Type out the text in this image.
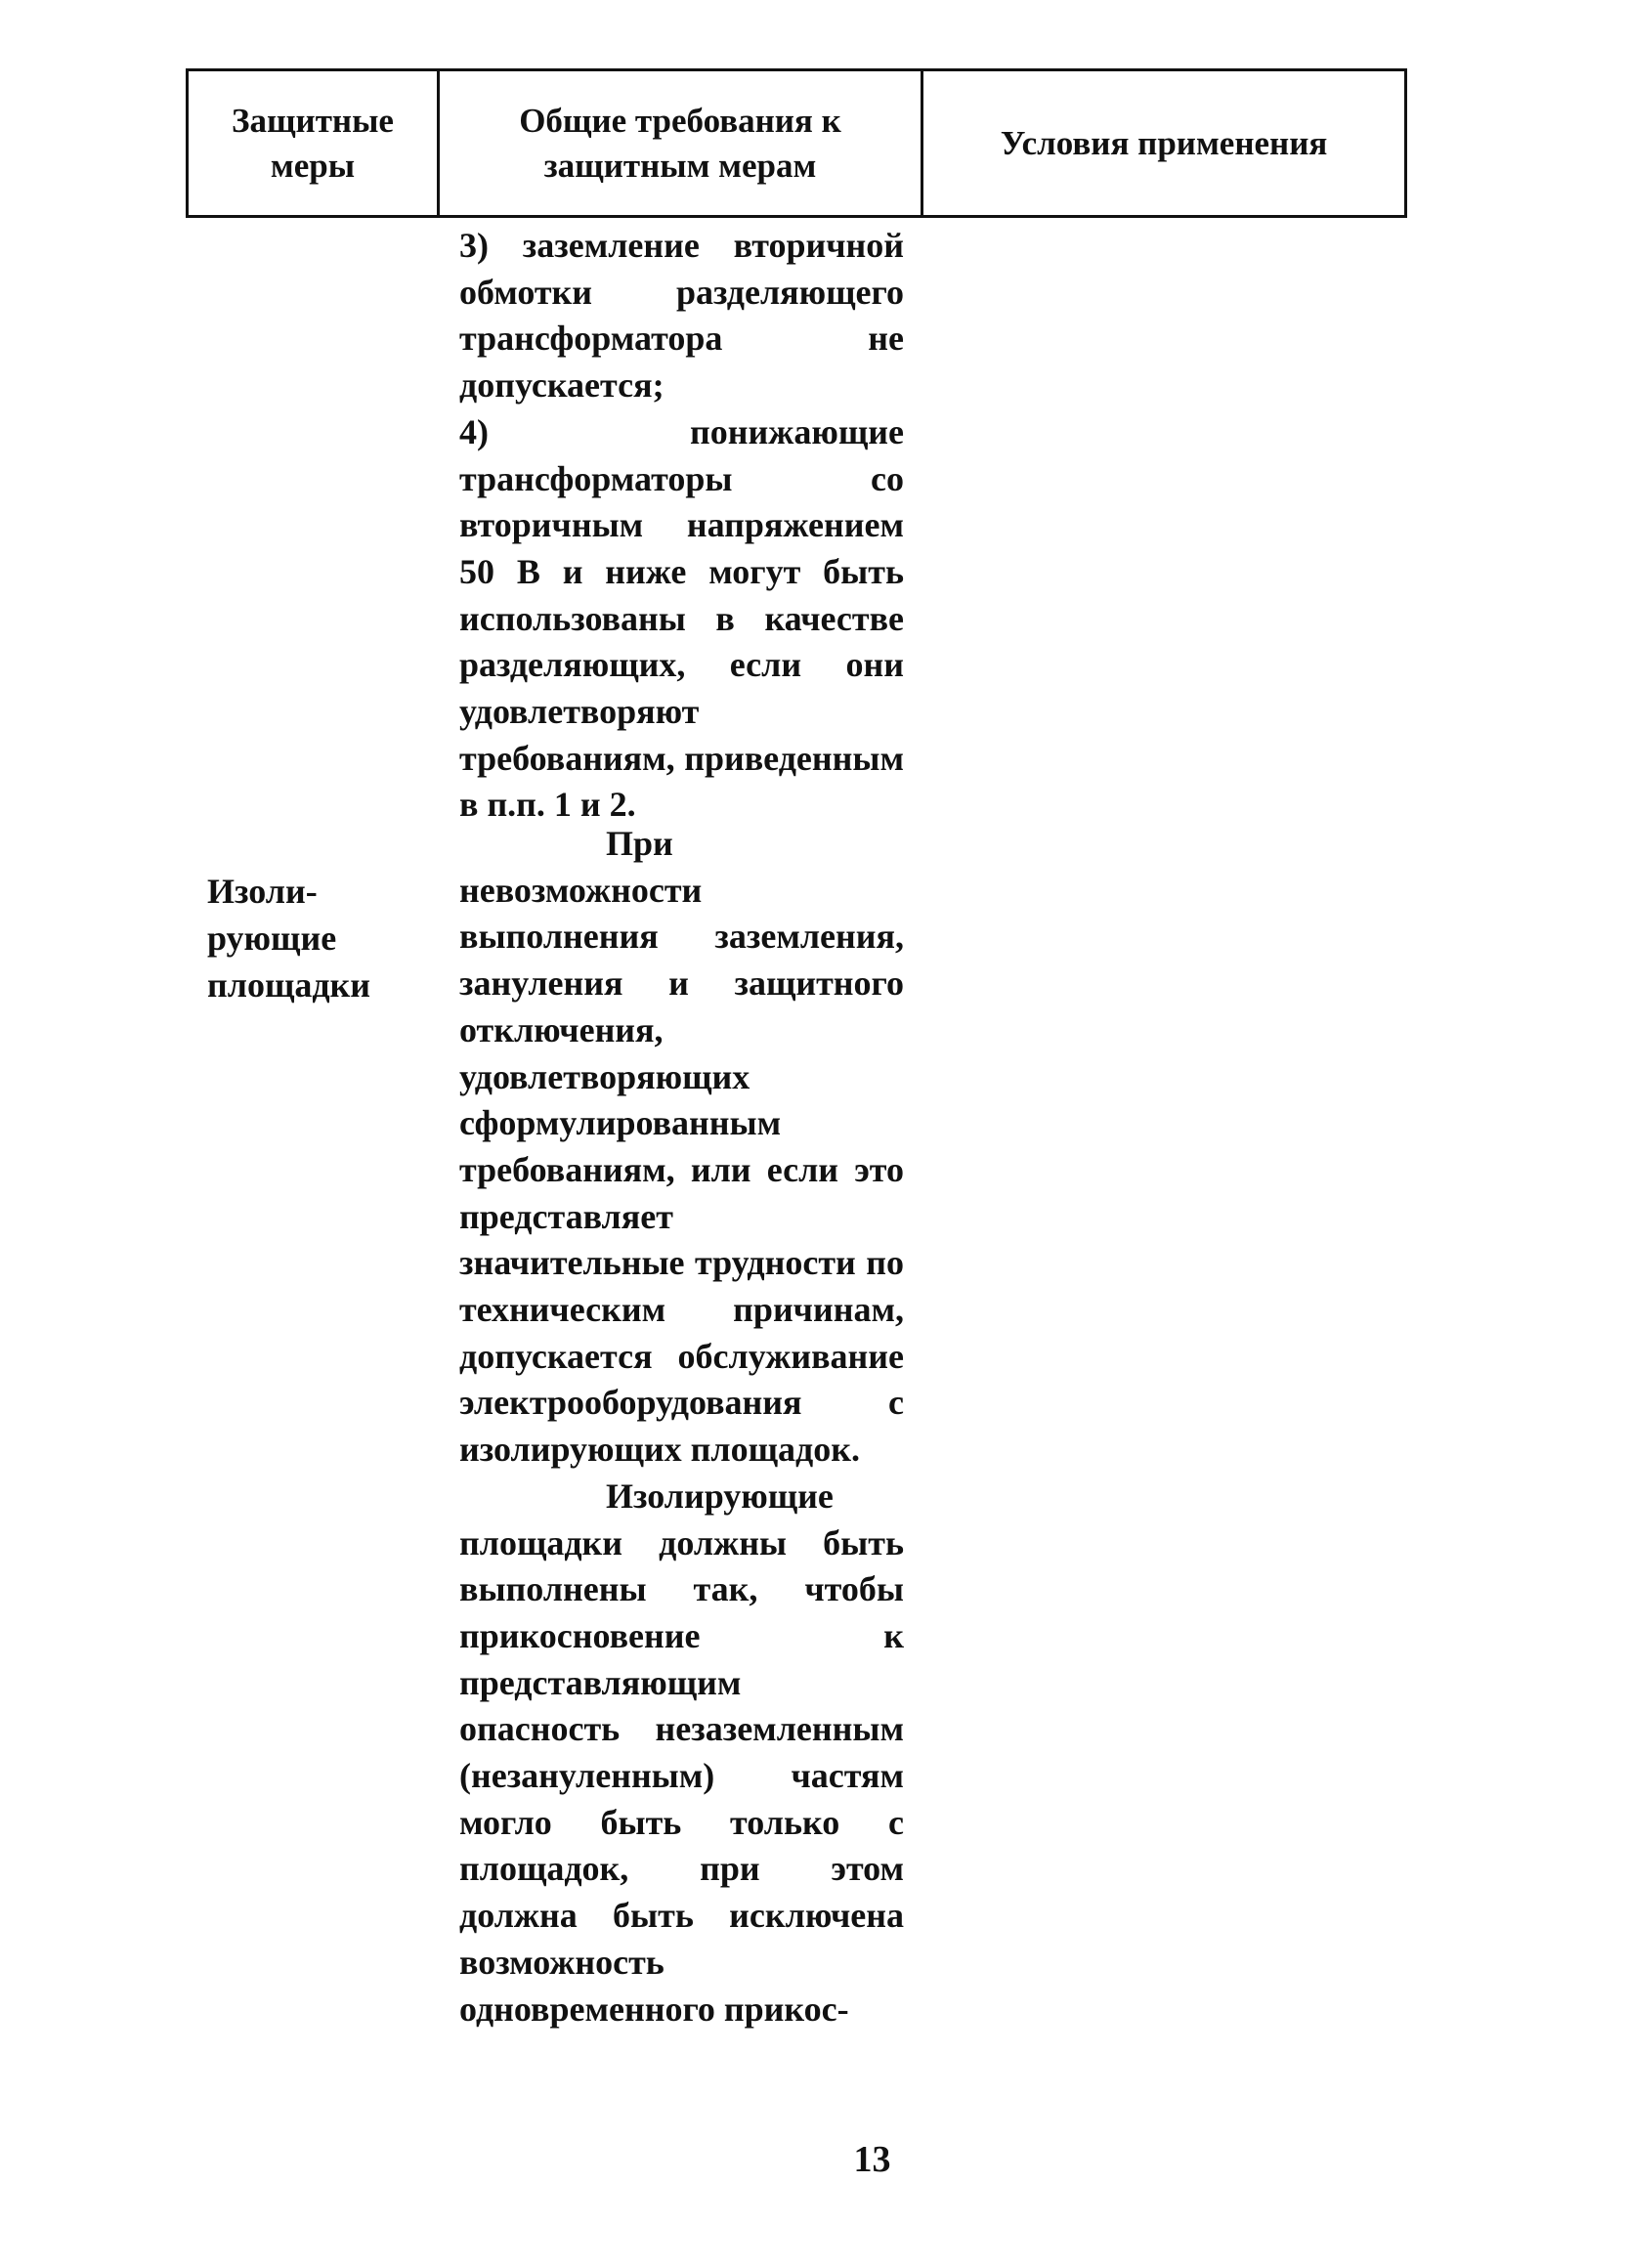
Защитные
меры
Общие требования к
защитным мерам
Условия применения

3) заземление вторичной обмотки разделяющего трансформатора не допускается;

4) понижающие трансформаторы со вторичным напряжением 50 В и ниже могут быть использованы в качестве разделяющих, если они удовлетворяют требованиям, приведенным в п.п. 1 и 2.

Изоли-
рующие
площадки

При невозможности выполнения заземления, зануления и защитного отключения, удовлетворяющих сформулированным требованиям, или если это представляет значительные трудности по техническим причинам, допускается обслуживание электрооборудования с изолирующих площадок.

Изолирующие площадки должны быть выполнены так, чтобы прикосновение к представляющим опасность незаземленным (незануленным) частям могло быть только с площадок, при этом должна быть исключена возможность одновременного прикос-

13
